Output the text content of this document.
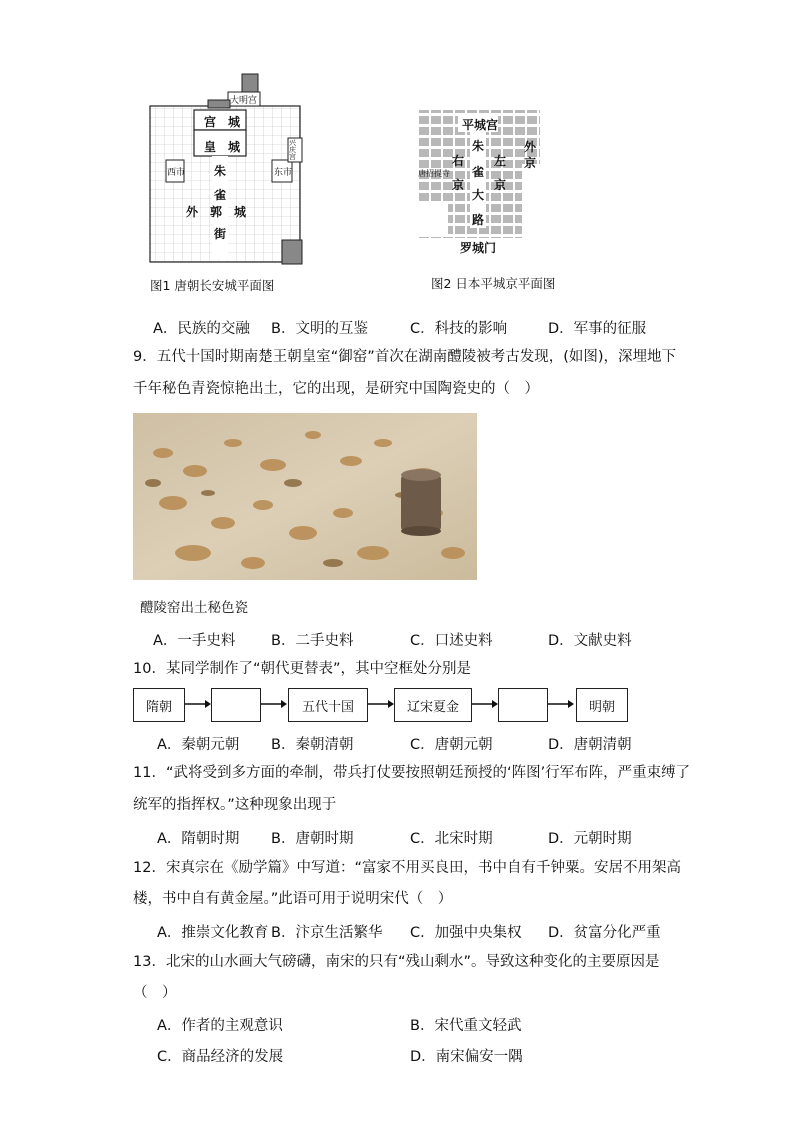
大明宫
宫　城
皇　城
朱
雀
外　郭　城
街
西市	东市
兴庆宫
图1 唐朝长安城平面图
平城宫
朱
雀
大
路
右
京
左
京
外
京
唐招提寺
罗城门
图2 日本平城京平面图
A．民族的交融 B．文明的互鉴	C．科技的影响	D．军事的征服
9．五代十国时期南楚王朝皇室“御窑”首次在湖南醴陵被考古发现，(如图)，深埋地下
千年秘色青瓷惊艳出土，它的出现，是研究中国陶瓷史的（　）
醴陵窑出土秘色瓷
A．一手史料 B．二手史料	C．口述史料	D．文献史料
10．某同学制作了“朝代更替表”，其中空框处分别是
隋朝	五代十国	辽宋夏金	明朝
A．秦朝元朝 B．秦朝清朝	C．唐朝元朝	D．唐朝清朝
11．“武将受到多方面的牵制，带兵打仗要按照朝廷预授的‘阵图’行军布阵，严重束缚了
统军的指挥权。”这种现象出现于
A．隋朝时期 B．唐朝时期	C．北宋时期	D．元朝时期
12．宋真宗在《励学篇》中写道：“富家不用买良田，书中自有千钟粟。安居不用架高
楼，书中自有黄金屋。”此语可用于说明宋代（　）
A．推崇文化教育 B．汴京生活繁华 C．加强中央集权 D．贫富分化严重
13．北宋的山水画大气磅礴，南宋的只有“残山剩水”。导致这种变化的主要原因是
（　）
A．作者的主观意识	B．宋代重文轻武
C．商品经济的发展	D．南宋偏安一隅
